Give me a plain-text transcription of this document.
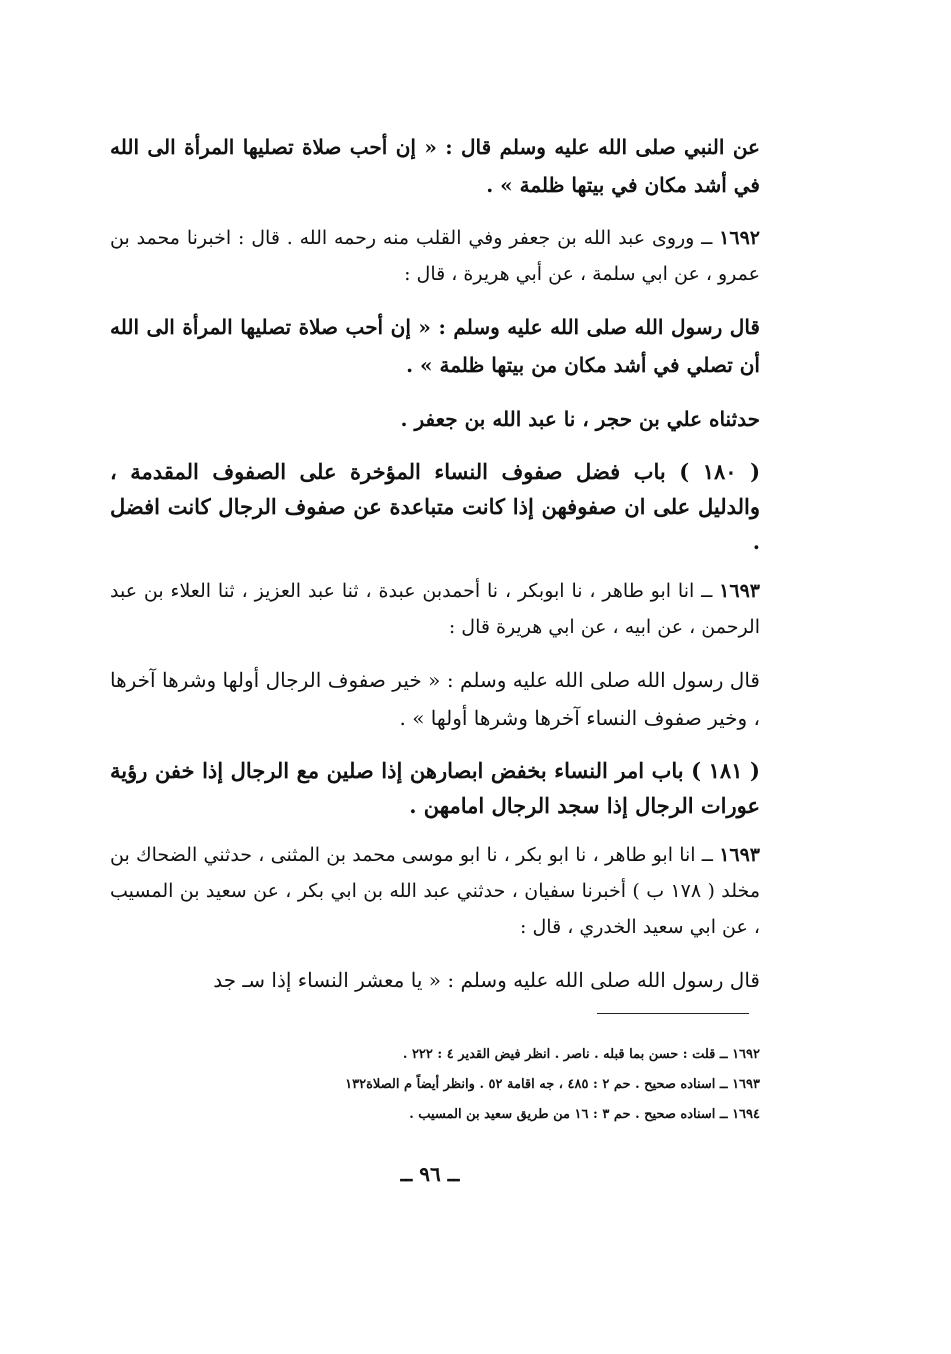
عن النبي صلى الله عليه وسلم قال : « إن أحب صلاة تصليها المرأة الى الله في أشد مكان في بيتها ظلمة » .

١٦٩٢ ــ وروى عبد الله بن جعفر وفي القلب منه رحمه الله . قال : اخبرنا محمد بن عمرو ، عن ابي سلمة ، عن أبي هريرة ، قال :

قال رسول الله صلى الله عليه وسلم : « إن أحب صلاة تصليها المرأة الى الله أن تصلي في أشد مكان من بيتها ظلمة » .

حدثناه علي بن حجر ، نا عبد الله بن جعفر .

( ١٨٠ ) باب فضل صفوف النساء المؤخرة على الصفوف المقدمة ، والدليل على ان صفوفهن إذا كانت متباعدة عن صفوف الرجال كانت افضل .

١٦٩٣ ــ انا ابو طاهر ، نا ابوبكر ، نا أحمدبن عبدة ، ثنا عبد العزيز ، ثنا العلاء بن عبد الرحمن ، عن ابيه ، عن ابي هريرة قال :

قال رسول الله صلى الله عليه وسلم : « خير صفوف الرجال أولها وشرها آخرها ، وخير صفوف النساء آخرها وشرها أولها » .

( ١٨١ ) باب امر النساء بخفض ابصارهن إذا صلين مع الرجال إذا خفن رؤية عورات الرجال إذا سجد الرجال امامهن .

١٦٩٣ ــ انا ابو طاهر ، نا ابو بكر ، نا ابو موسى محمد بن المثنى ، حدثني الضحاك بن مخلد ( ١٧٨ ب ) أخبرنا سفيان ، حدثني عبد الله بن ابي بكر ، عن سعيد بن المسيب ، عن ابي سعيد الخدري ، قال :

قال رسول الله صلى الله عليه وسلم : « يا معشر النساء إذا سـ جد

١٦٩٢ ــ قلت : حسن بما قبله . ناصر . انظر فيض القدير ٤ : ٢٢٢ .
١٦٩٣ ــ اسناده صحيح . حم ٢ : ٤٨٥ ، جه اقامة ٥٢ . وانظر أيضاً م الصلاة١٣٢
١٦٩٤ ــ اسناده صحيح . حم ٣ : ١٦ من طريق سعيد بن المسيب .
ــ ٩٦ ــ
